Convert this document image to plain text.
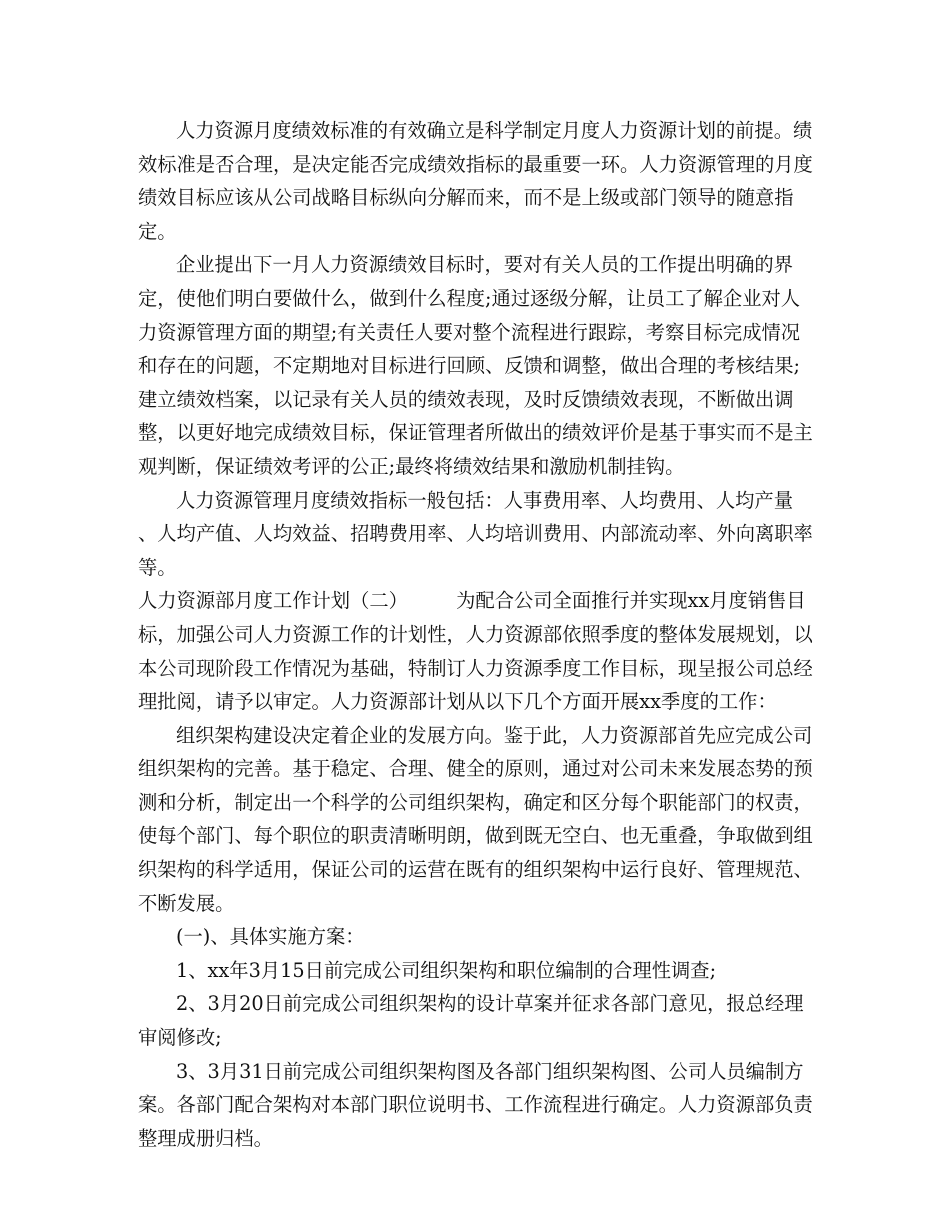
人力资源月度绩效标准的有效确立是科学制定月度人力资源计划的前提。绩效标准是否合理，是决定能否完成绩效指标的最重要一环。人力资源管理的月度绩效目标应该从公司战略目标纵向分解而来，而不是上级或部门领导的随意指定。

企业提出下一月人力资源绩效目标时，要对有关人员的工作提出明确的界定，使他们明白要做什么，做到什么程度;通过逐级分解，让员工了解企业对人力资源管理方面的期望;有关责任人要对整个流程进行跟踪，考察目标完成情况和存在的问题，不定期地对目标进行回顾、反馈和调整，做出合理的考核结果;建立绩效档案，以记录有关人员的绩效表现，及时反馈绩效表现，不断做出调整，以更好地完成绩效目标，保证管理者所做出的绩效评价是基于事实而不是主观判断，保证绩效考评的公正;最终将绩效结果和激励机制挂钩。

人力资源管理月度绩效指标一般包括：人事费用率、人均费用、人均产量 、人均产值、人均效益、招聘费用率、人均培训费用、内部流动率、外向离职率等。

人力资源部月度工作计划（二）　　　为配合公司全面推行并实现xx月度销售目标，加强公司人力资源工作的计划性，人力资源部依照季度的整体发展规划，以本公司现阶段工作情况为基础，特制订人力资源季度工作目标，现呈报公司总经理批阅，请予以审定。人力资源部计划从以下几个方面开展xx季度的工作：

组织架构建设决定着企业的发展方向。鉴于此，人力资源部首先应完成公司组织架构的完善。基于稳定、合理、健全的原则，通过对公司未来发展态势的预测和分析，制定出一个科学的公司组织架构，确定和区分每个职能部门的权责，使每个部门、每个职位的职责清晰明朗，做到既无空白、也无重叠，争取做到组织架构的科学适用，保证公司的运营在既有的组织架构中运行良好、管理规范、不断发展。

(一)、具体实施方案：

1、xx年3月15日前完成公司组织架构和职位编制的合理性调查;

2、3月20日前完成公司组织架构的设计草案并征求各部门意见，报总经理审阅修改;

3、3月31日前完成公司组织架构图及各部门组织架构图、公司人员编制方案。各部门配合架构对本部门职位说明书、工作流程进行确定。人力资源部负责整理成册归档。
